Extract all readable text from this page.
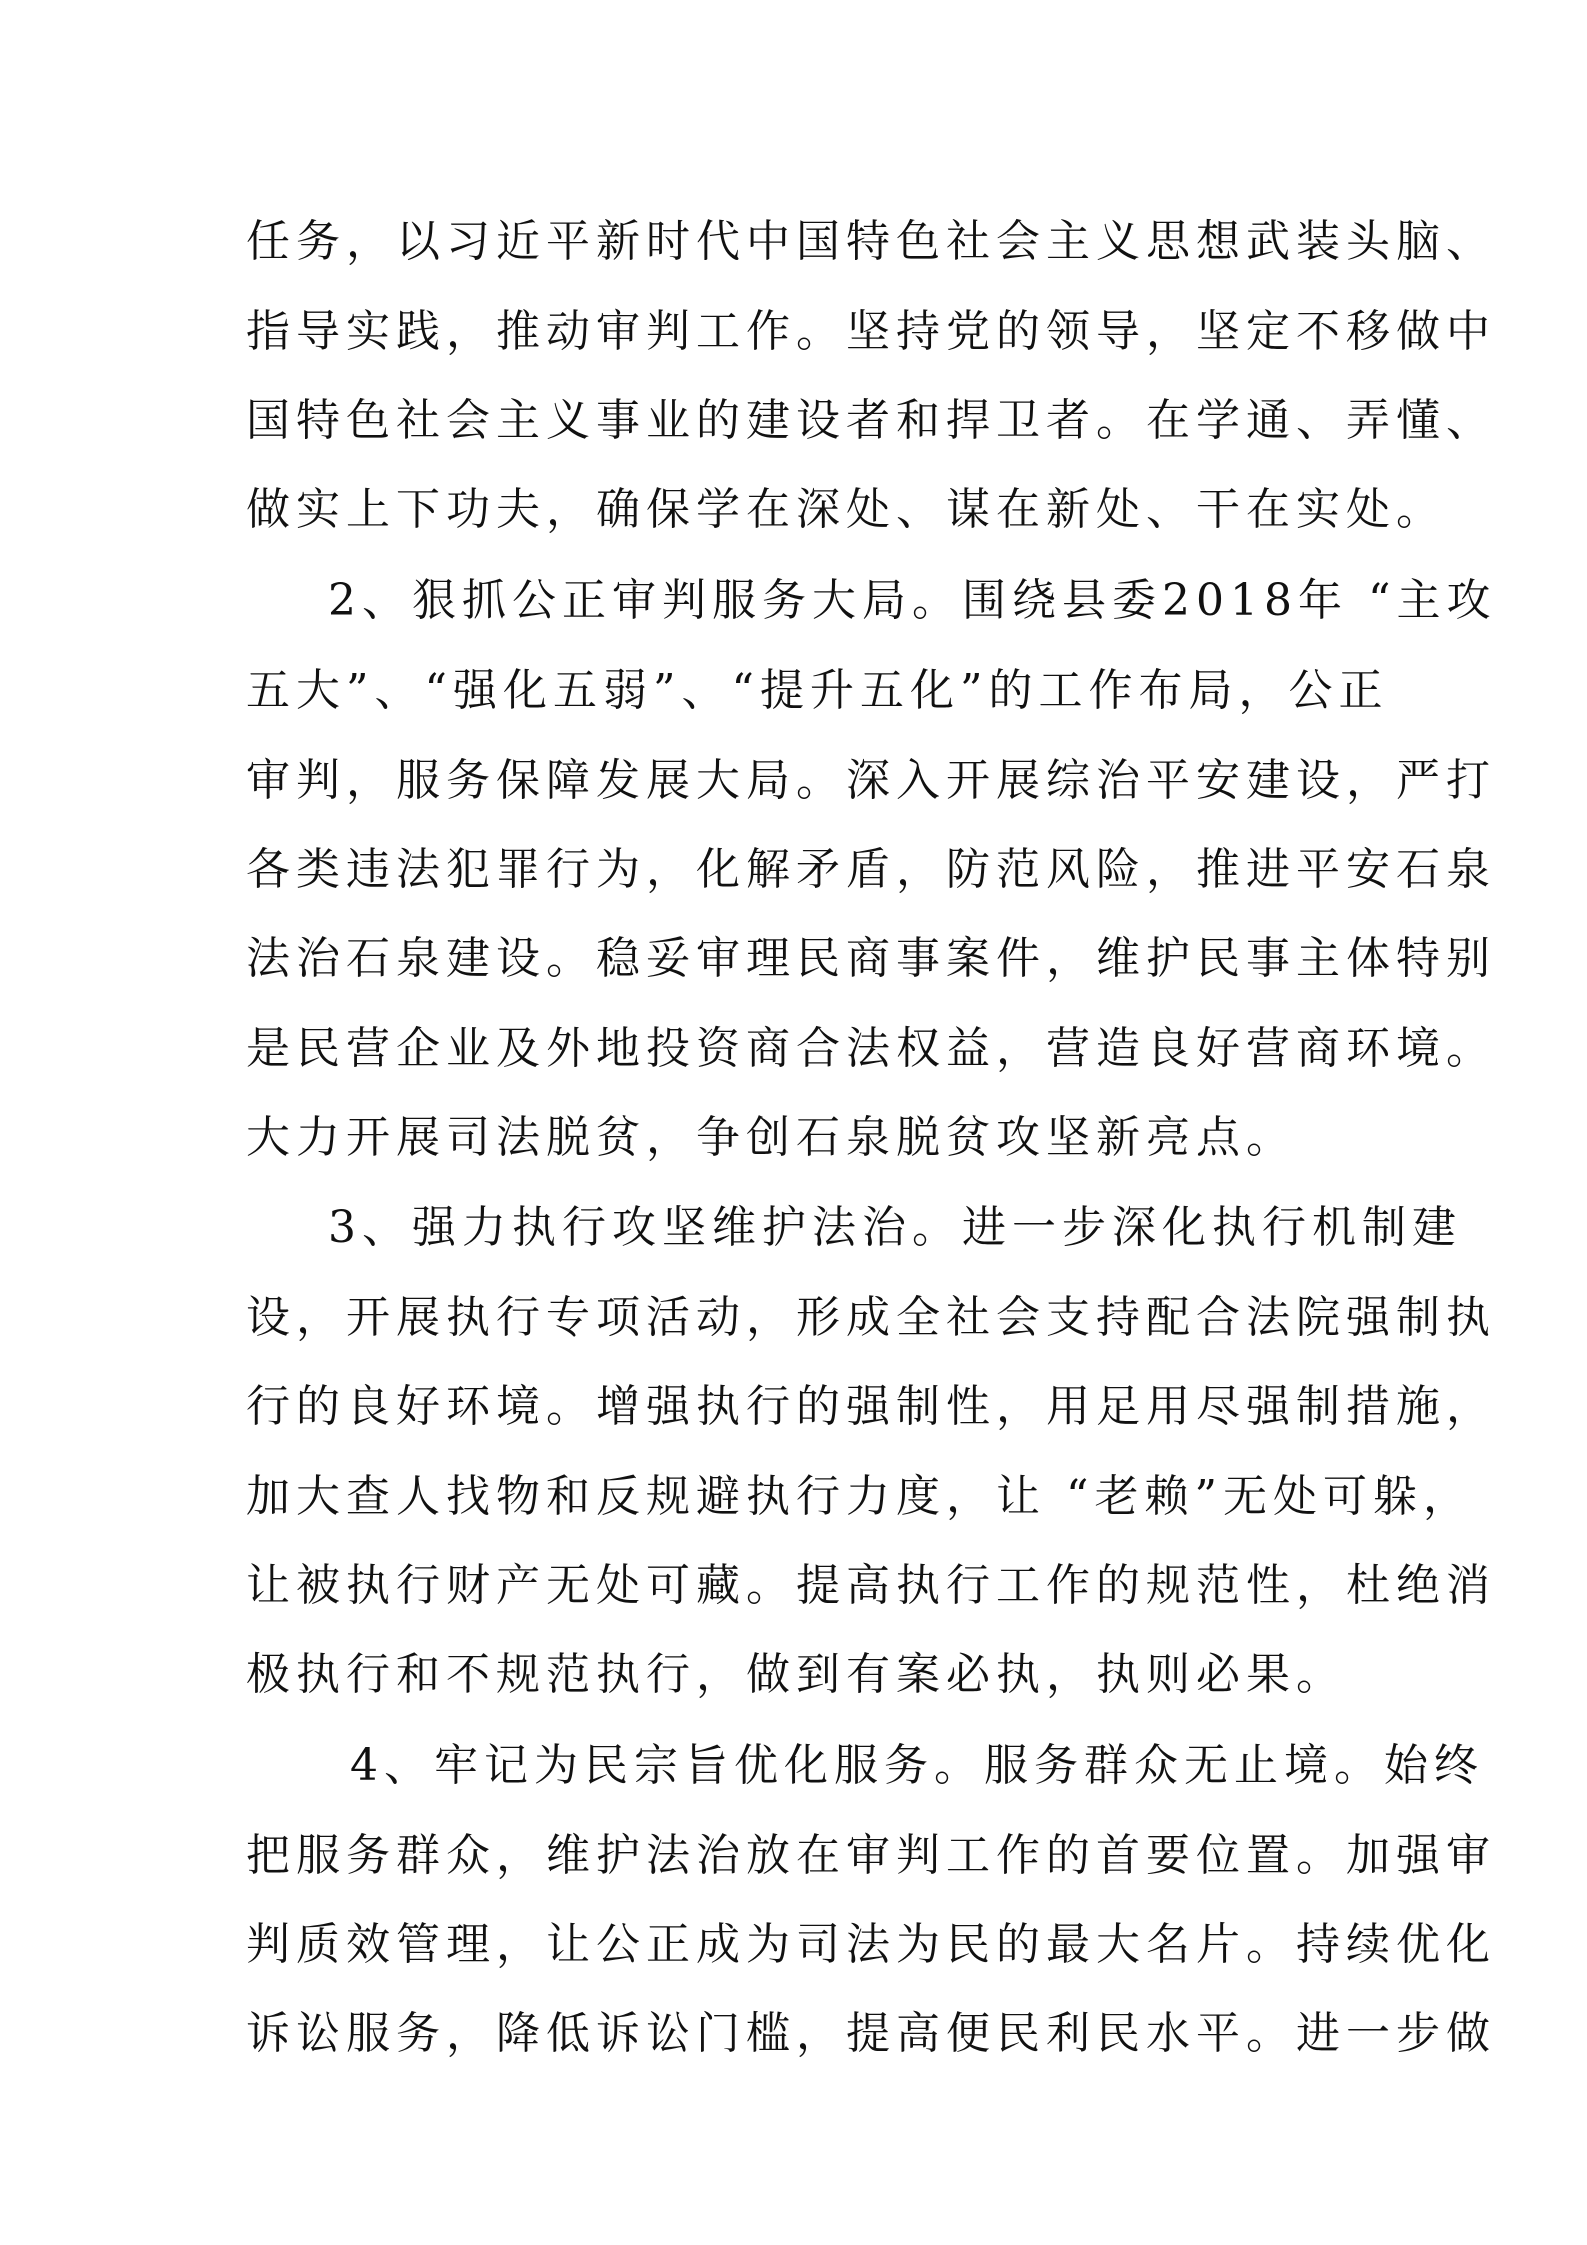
任务，以习近平新时代中国特色社会主义思想武装头脑、

指导实践，推动审判工作。坚持党的领导，坚定不移做中

国特色社会主义事业的建设者和捍卫者。在学通、弄懂、

做实上下功夫，确保学在深处、谋在新处、干在实处。

2、狠抓公正审判服务大局。围绕县委2018年 “主攻

五大”、“强化五弱”、“提升五化”的工作布局，公正

审判，服务保障发展大局。深入开展综治平安建设，严打

各类违法犯罪行为，化解矛盾，防范风险，推进平安石泉

法治石泉建设。稳妥审理民商事案件，维护民事主体特别

是民营企业及外地投资商合法权益，营造良好营商环境。

大力开展司法脱贫，争创石泉脱贫攻坚新亮点。

3、强力执行攻坚维护法治。进一步深化执行机制建

设，开展执行专项活动，形成全社会支持配合法院强制执

行的良好环境。增强执行的强制性，用足用尽强制措施，

加大查人找物和反规避执行力度，让 “老赖”无处可躲，

让被执行财产无处可藏。提高执行工作的规范性，杜绝消

极执行和不规范执行，做到有案必执，执则必果。

4、牢记为民宗旨优化服务。服务群众无止境。始终

把服务群众，维护法治放在审判工作的首要位置。加强审

判质效管理，让公正成为司法为民的最大名片。持续优化

诉讼服务，降低诉讼门槛，提高便民利民水平。进一步做
